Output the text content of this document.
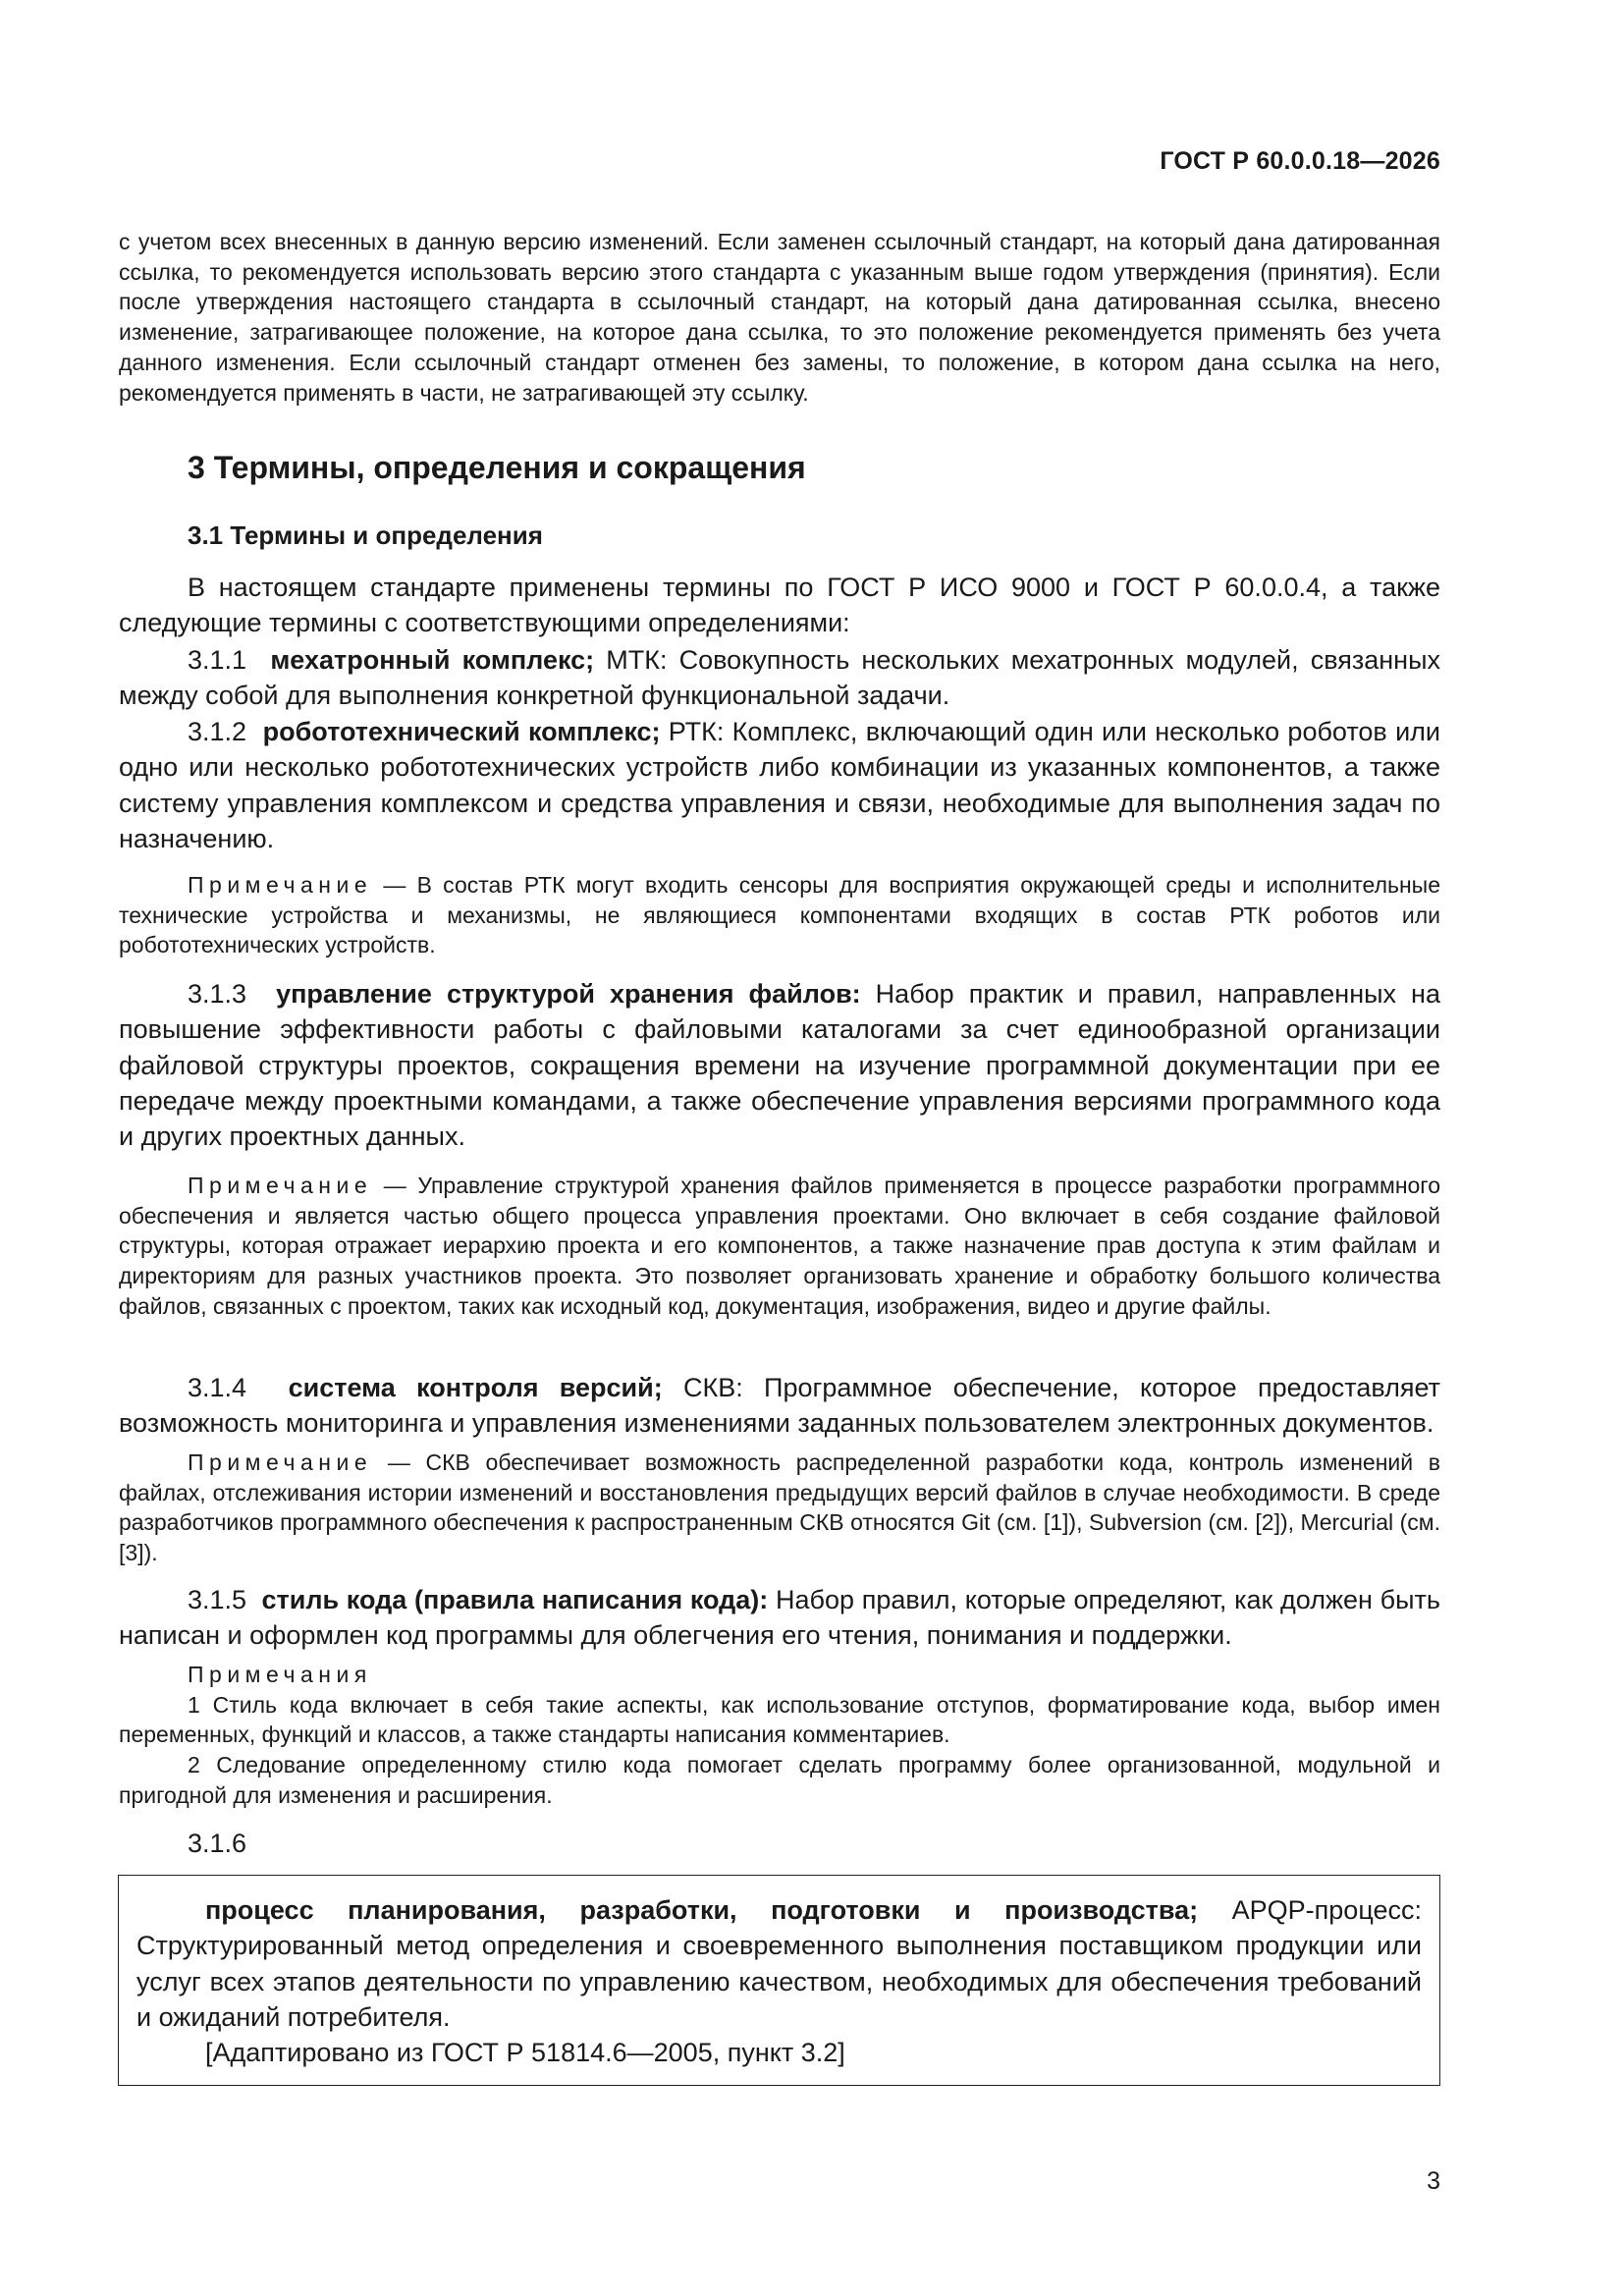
ГОСТ Р 60.0.0.18—2026

с учетом всех внесенных в данную версию изменений. Если заменен ссылочный стандарт, на который дана датированная ссылка, то рекомендуется использовать версию этого стандарта с указанным выше годом утверждения (принятия). Если после утверждения настоящего стандарта в ссылочный стандарт, на который дана датированная ссылка, внесено изменение, затрагивающее положение, на которое дана ссылка, то это положение рекомендуется применять без учета данного изменения. Если ссылочный стандарт отменен без замены, то положение, в котором дана ссылка на него, рекомендуется применять в части, не затрагивающей эту ссылку.

3 Термины, определения и сокращения
3.1 Термины и определения

В настоящем стандарте применены термины по ГОСТ Р ИСО 9000 и ГОСТ Р 60.0.0.4, а также следующие термины с соответствующими определениями:

3.1.1 мехатронный комплекс; МТК: Совокупность нескольких мехатронных модулей, связанных между собой для выполнения конкретной функциональной задачи.

3.1.2 робототехнический комплекс; РТК: Комплекс, включающий один или несколько роботов или одно или несколько робототехнических устройств либо комбинации из указанных компонентов, а также систему управления комплексом и средства управления и связи, необходимые для выполнения задач по назначению.

Примечание — В состав РТК могут входить сенсоры для восприятия окружающей среды и исполнительные технические устройства и механизмы, не являющиеся компонентами входящих в состав РТК роботов или робототехнических устройств.

3.1.3 управление структурой хранения файлов: Набор практик и правил, направленных на повышение эффективности работы с файловыми каталогами за счет единообразной организации файловой структуры проектов, сокращения времени на изучение программной документации при ее передаче между проектными командами, а также обеспечение управления версиями программного кода и других проектных данных.

Примечание — Управление структурой хранения файлов применяется в процессе разработки программного обеспечения и является частью общего процесса управления проектами. Оно включает в себя создание файловой структуры, которая отражает иерархию проекта и его компонентов, а также назначение прав доступа к этим файлам и директориям для разных участников проекта. Это позволяет организовать хранение и обработку большого количества файлов, связанных с проектом, таких как исходный код, документация, изображения, видео и другие файлы.

3.1.4 система контроля версий; СКВ: Программное обеспечение, которое предоставляет возможность мониторинга и управления изменениями заданных пользователем электронных документов.

Примечание — СКВ обеспечивает возможность распределенной разработки кода, контроль изменений в файлах, отслеживания истории изменений и восстановления предыдущих версий файлов в случае необходимости. В среде разработчиков программного обеспечения к распространенным СКВ относятся Git (см. [1]), Subversion (см. [2]), Mercurial (см. [3]).

3.1.5 стиль кода (правила написания кода): Набор правил, которые определяют, как должен быть написан и оформлен код программы для облегчения его чтения, понимания и поддержки.

Примечания

1 Стиль кода включает в себя такие аспекты, как использование отступов, форматирование кода, выбор имен переменных, функций и классов, а также стандарты написания комментариев.

2 Следование определенному стилю кода помогает сделать программу более организованной, модульной и пригодной для изменения и расширения.

3.1.6

процесс планирования, разработки, подготовки и производства; APQP-процесс: Структурированный метод определения и своевременного выполнения поставщиком продукции или услуг всех этапов деятельности по управлению качеством, необходимых для обеспечения требований и ожиданий потребителя.

[Адаптировано из ГОСТ Р 51814.6—2005, пункт 3.2]

3
